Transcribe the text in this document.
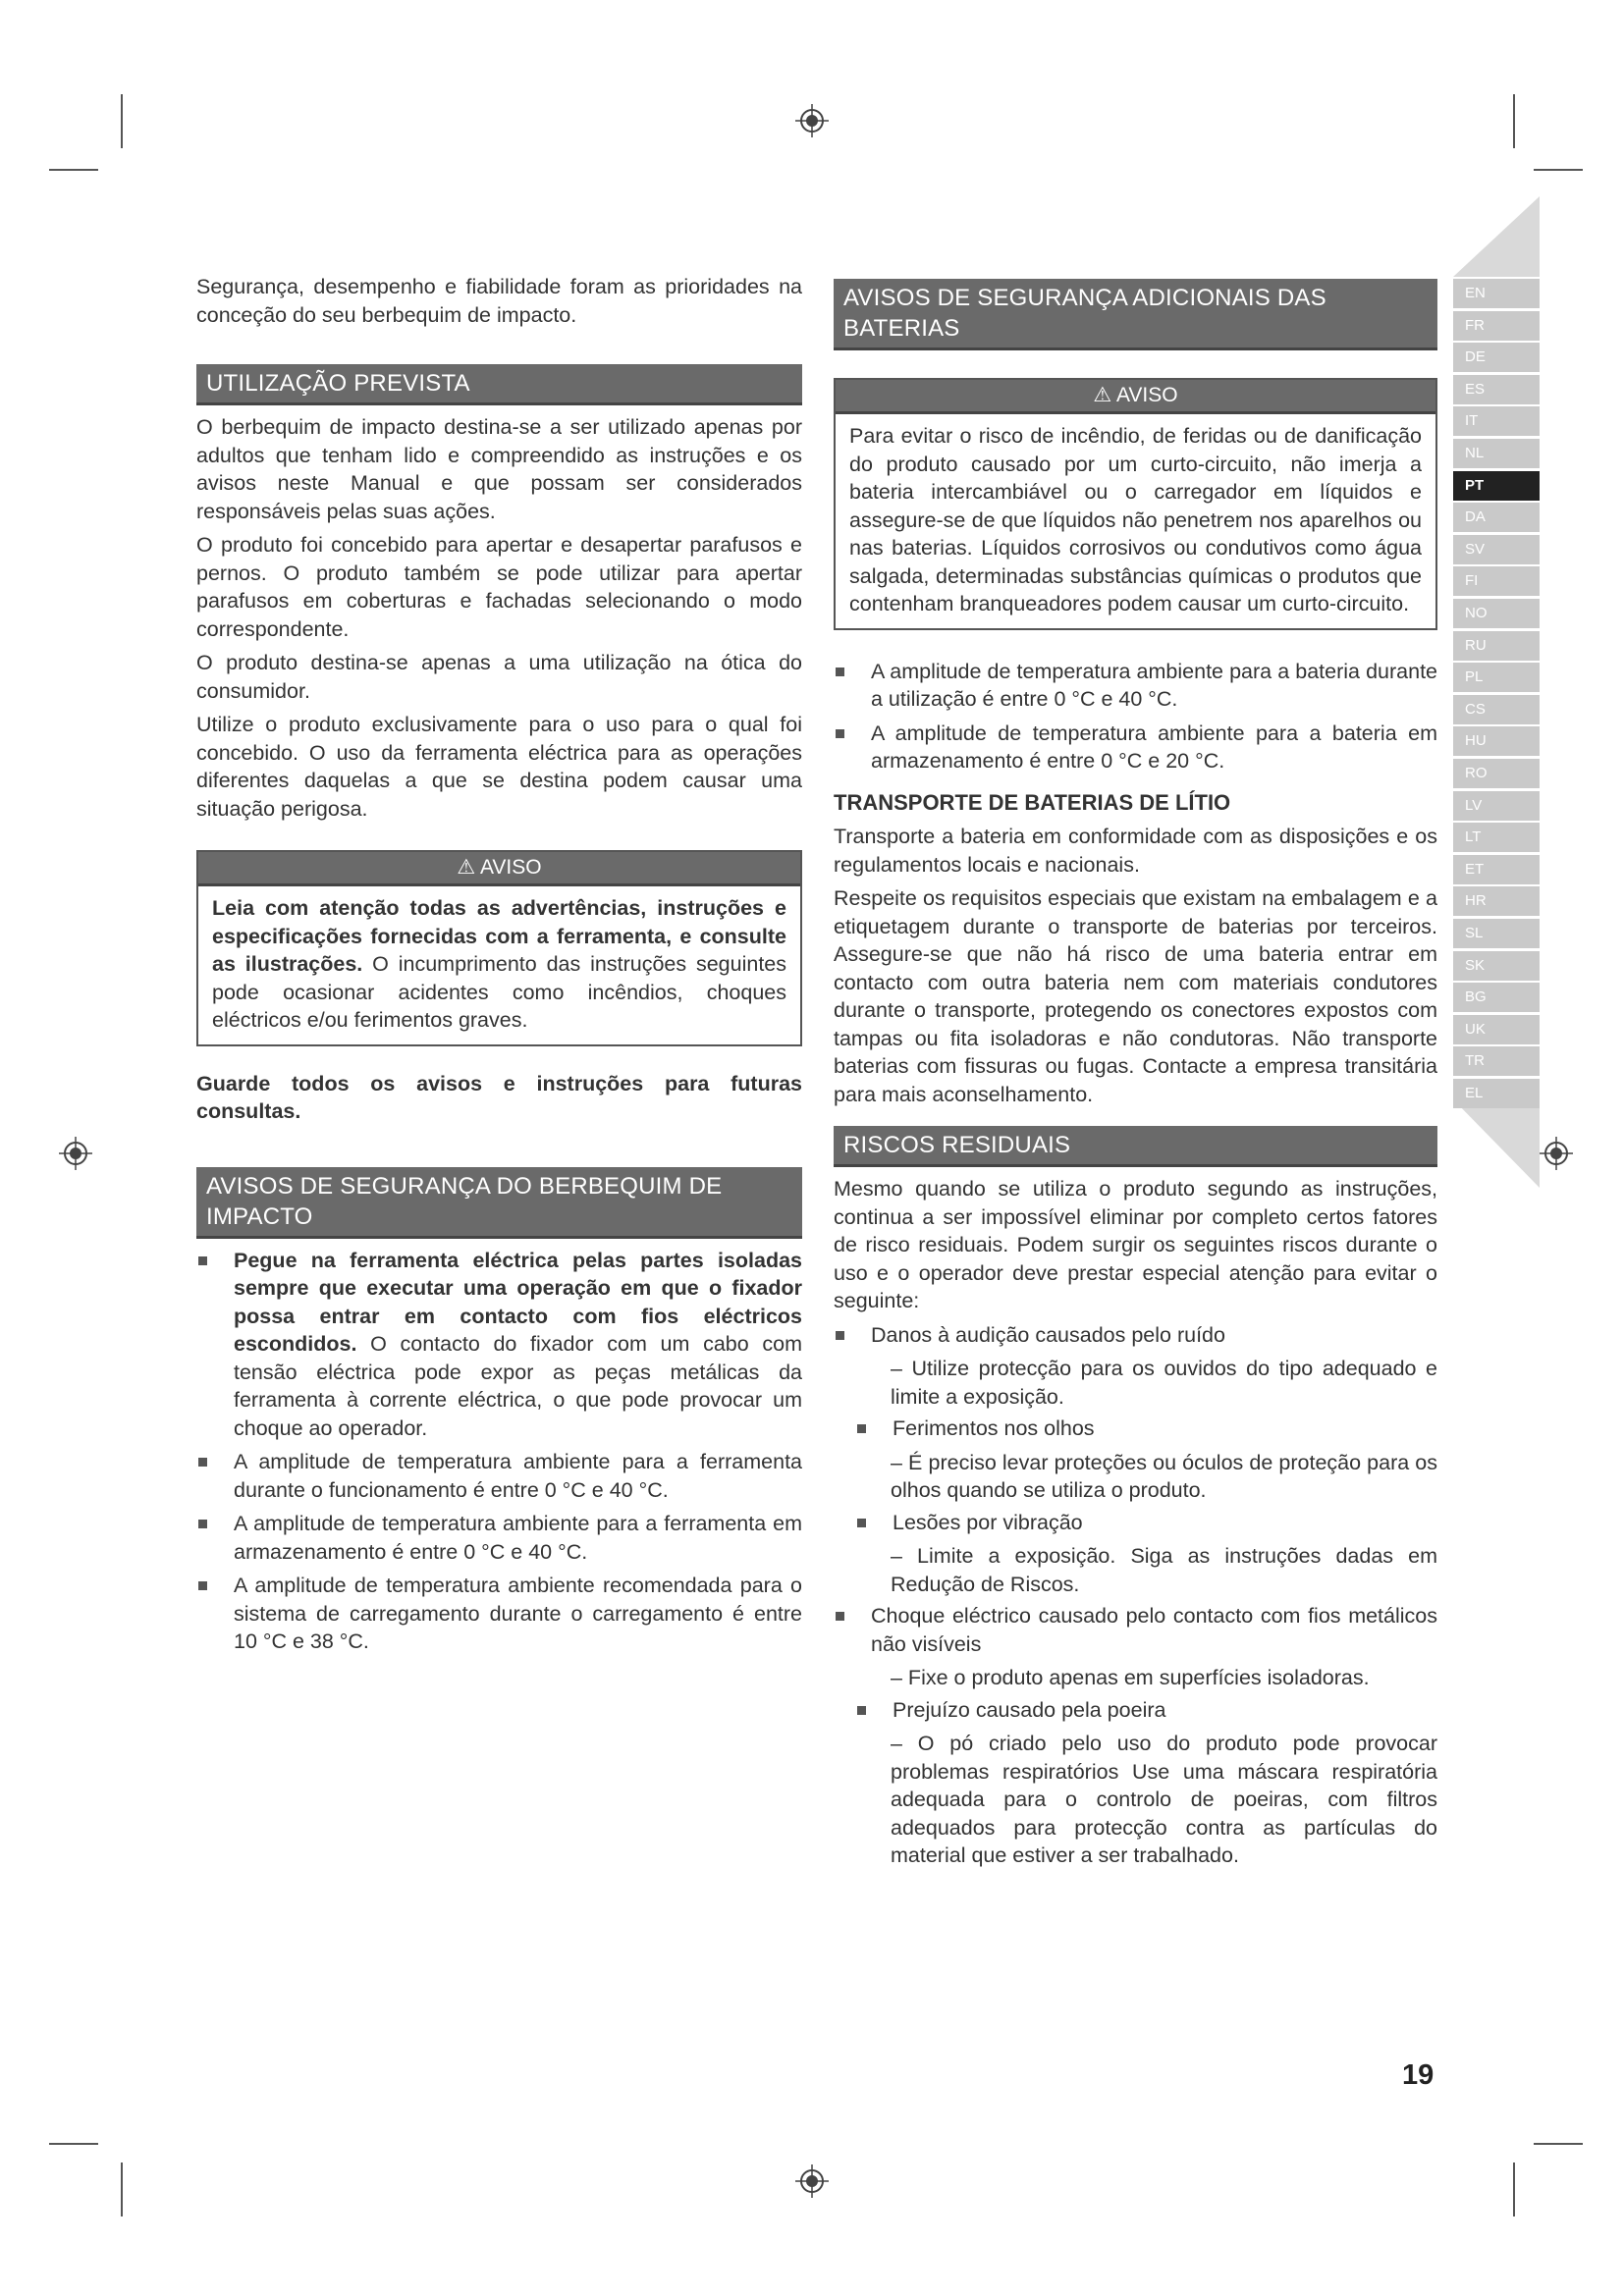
EN
FR
DE
ES
IT
NL
PT
DA
SV
FI
NO
RU
PL
CS
HU
RO
LV
LT
ET
HR
SL
SK
BG
UK
TR
EL

Segurança, desempenho e fiabilidade foram as prioridades na conceção do seu berbequim de impacto.

UTILIZAÇÃO PREVISTA

O berbequim de impacto destina-se a ser utilizado apenas por adultos que tenham lido e compreendido as instruções e os avisos neste Manual e que possam ser considerados responsáveis pelas suas ações.

O produto foi concebido para apertar e desapertar parafusos e pernos. O produto também se pode utilizar para apertar parafusos em coberturas e fachadas selecionando o modo correspondente.

O produto destina-se apenas a uma utilização na ótica do consumidor.

Utilize o produto exclusivamente para o uso para o qual foi concebido. O uso da ferramenta eléctrica para as operações diferentes daquelas a que se destina podem causar uma situação perigosa.

⚠ AVISO
Leia com atenção todas as advertências, instruções e especificações fornecidas com a ferramenta, e consulte as ilustrações. O incumprimento das instruções seguintes pode ocasionar acidentes como incêndios, choques eléctricos e/ou ferimentos graves.

Guarde todos os avisos e instruções para futuras consultas.

AVISOS DE SEGURANÇA DO BERBEQUIM DE IMPACTO
Pegue na ferramenta eléctrica pelas partes isoladas sempre que executar uma operação em que o fixador possa entrar em contacto com fios eléctricos escondidos. O contacto do fixador com um cabo com tensão eléctrica pode expor as peças metálicas da ferramenta à corrente eléctrica, o que pode provocar um choque ao operador.
A amplitude de temperatura ambiente para a ferramenta durante o funcionamento é entre 0 °C e 40 °C.
A amplitude de temperatura ambiente para a ferramenta em armazenamento é entre 0 °C e 40 °C.
A amplitude de temperatura ambiente recomendada para o sistema de carregamento durante o carregamento é entre 10 °C e 38 °C.
AVISOS DE SEGURANÇA ADICIONAIS DAS BATERIAS
⚠ AVISO
Para evitar o risco de incêndio, de feridas ou de danificação do produto causado por um curto-circuito, não imerja a bateria intercambiável ou o carregador em líquidos e assegure-se de que líquidos não penetrem nos aparelhos ou nas baterias. Líquidos corrosivos ou condutivos como água salgada, determinadas substâncias químicas o produtos que contenham branqueadores podem causar um curto-circuito.
A amplitude de temperatura ambiente para a bateria durante a utilização é entre 0 °C e 40 °C.
A amplitude de temperatura ambiente para a bateria em armazenamento é entre 0 °C e 20 °C.
TRANSPORTE DE BATERIAS DE LÍTIO

Transporte a bateria em conformidade com as disposições e os regulamentos locais e nacionais.

Respeite os requisitos especiais que existam na embalagem e a etiquetagem durante o transporte de baterias por terceiros. Assegure-se que não há risco de uma bateria entrar em contacto com outra bateria nem com materiais condutores durante o transporte, protegendo os conectores expostos com tampas ou fita isoladoras e não condutoras. Não transporte baterias com fissuras ou fugas. Contacte a empresa transitária para mais aconselhamento.

RISCOS RESIDUAIS

Mesmo quando se utiliza o produto segundo as instruções, continua a ser impossível eliminar por completo certos fatores de risco residuais. Podem surgir os seguintes riscos durante o uso e o operador deve prestar especial atenção para evitar o seguinte:

Danos à audição causados pelo ruído
– Utilize protecção para os ouvidos do tipo adequado e limite a exposição.
Ferimentos nos olhos
– É preciso levar proteções ou óculos de proteção para os olhos quando se utiliza o produto.
Lesões por vibração
– Limite a exposição. Siga as instruções dadas em Redução de Riscos.
Choque eléctrico causado pelo contacto com fios metálicos não visíveis
– Fixe o produto apenas em superfícies isoladoras.
Prejuízo causado pela poeira
– O pó criado pelo uso do produto pode provocar problemas respiratórios Use uma máscara respiratória adequada para o controlo de poeiras, com filtros adequados para protecção contra as partículas do material que estiver a ser trabalhado.
19
